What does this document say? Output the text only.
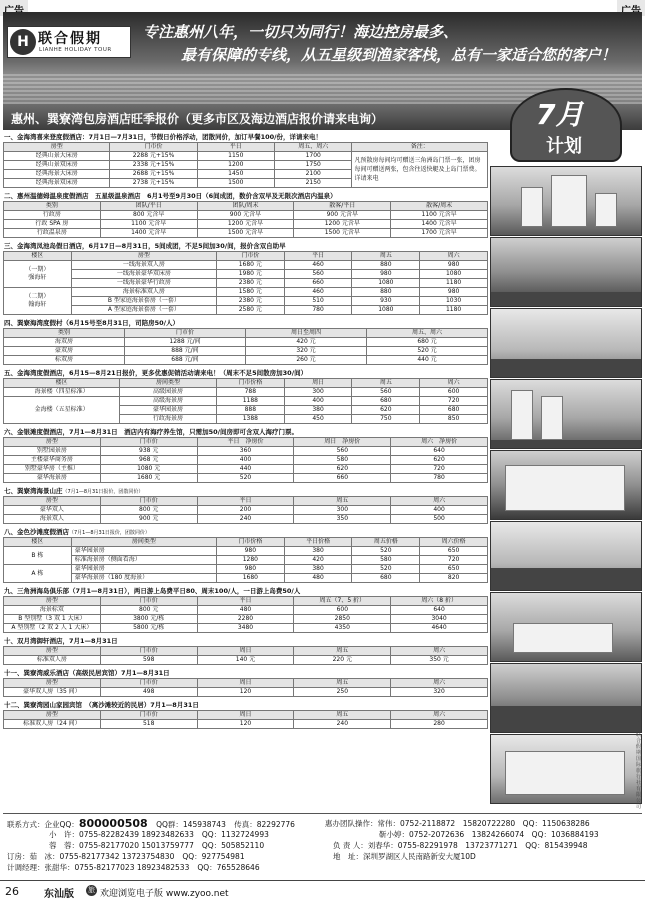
H 联合假期
LIANHE HOLIDAY TOUR
专注惠州八年，一切只为同行！海边控房最多、
最有保障的专线，从五星级到渔家客栈，总有一家适合您的客户！
惠州、巽寮湾包房酒店旺季报价（更多市区及海边酒店报价请来电询）	7月
计划
一、金海湾喜来登度假酒店：7月1日—7月31日，节假日价格浮动，团散同价，加订早餐100/份，详请来电！
房型	门市价	平日	周五、周六	备注：
经典山景大床房	2288 元+15%	1150	1700	凡预散房每间均可赠送三角洲岛门票一张，团房每间可赠送两张，包含往返快艇及上岛门票费。详请来电
经典山景双床房	2338 元+15%	1200	1750	
经典海景大床房	2688 元+15%	1450	2100	
经典海景双床房	2738 元+15%	1500	2150	
二、惠州温德姆温泉度假酒店　五星级温泉酒店　6月1号至9月30日（6间成团，数价含双早及无限次酒店内温泉）
类别	团队/平日	团队/周末	散客/平日	散客/周末
行政房	800 元含早	900 元含早	900 元含早	1100 元含早
行政 SPA 房	1100 元含早	1200 元含早	1200 元含早	1400 元含早
行政温泉房	1400 元含早	1500 元含早	1500 元含早	1700 元含早
三、金海湾凤池岛假日酒店，6月17日—8月31日，5间成团，不足5间加30/间，报价含双自助早
楼区	房型	门市价	平日	周五	周六
（一期）
强海轩	一线海景双人房	1680 元	460	880	980
	一线海景豪华双床房	1980 元	560	980	1080
	一线海景豪华行政房	2380 元	660	1080	1180
（二期）
翰海轩	海景标准双人房	1580 元	460	880	980
	B 型家庭海景套房（一套）	2380 元	510	930	1030
	A 型家庭海景套房（一套）	2580 元	780	1080	1180
四、巽寮海湾度假村（6月15号至8月31日，司陪房50/人）
类别	门市价	周日至周四	周五、周六
海双房	1288 元/间	420 元	680 元
豪双房	888 元/间	320 元	520 元
标双房	688 元/间	260 元	440 元
五、金海湾度假酒店，6月15—8月21日报价，更多优惠促销活动请来电！（周末不足5间散房加30/间）
楼区	房间类型	门市价格	周日	周五	周六
海景楼（四星标准）	高级园景房	788	300	560	600
金海楼（五星标准）	高级海景房	1188	400	680	720
	豪华园景房	888	380	620	680
	行政海景房	1388	450	750	850
六、金银滩度假酒店，7月1—8月31日　酒店内有海疗养生馆，只需加50/间房即可含双人海疗门票。
房型	门市价	平日　净房价	周日　净房价	周六　净房价
别墅园景房	938 元	360	560	640
主楼豪华商务房	968 元	400	580	620
别墅豪华房（主推）	1080 元	440	620	720
豪华海景房	1680 元	520	660	780
七、巽寮湾海景山庄（7月1—8月31日报价，团散同价）
房型	门市价	平日	周五	周六
豪华双人	800 元	200	300	400
海景双人	900 元	240	350	500
八、金色沙滩度假酒店（7月1—8月31日报价，团散同价）
楼区	房间类型	门市价格	平日价格	周五价格	周六价格
B 栋	豪华园景房	980	380	520	650
	标准海景房（侧面看海）	1280	420	580	720
A 栋	豪华园景房	980	380	520	650
	豪华海景房（180 度海景）	1680	480	680	820
九、三角洲海岛俱乐部（7月1—8月31日），两日游上岛费平日80、周末100/人，一日游上岛费50/人
房型	门市价	平日	周五（7、5 折）	周六（8 折）
海景标双	800 元	480	600	640
B 型别墅（3 双 1 大床）	3800 元/栋	2280	2850	3040
A 型别墅（2 双 2 人 1 大床）	5800 元/栋	3480	4350	4640
十、双月湾御轩酒店，7月1—8月31日
房型	门市价	周日	周五	周六
标准双人房	598	140 元	220 元	350 元
十一、巽寮湾威乐酒店（高级民居宾馆）7月1—8月31日
房型	门市价	周日	周五	周六
豪华双人房（35 间）	498	120	250	320
十二、巽寮湾园山家园宾馆　（离沙滩较近的民居）7月1—8月31日
房型	门市价	周日	周五	周六
标准双人房（24 间）	518	120	240	280	前门联合假期国际旅行社有限公司
联系方式：企业QQ：800000508 QQ群：145938743 传真：82292776
小　许：0755-82282439 18923482633 QQ：1132724993
蓉　蓉：0755-82177020 15013759777 QQ：505852110
订房：茹　冰：0755-82177342 13723754830 QQ：927754981
计调经理：张甜华：0755-82177023 18923482533 QQ：765528646
惠办团队操作：常伟：0752-2118872　15820722280　QQ：1150638286
靳小婷：0752-2072636　13824266074　QQ：1036884193
负 责 人：刘春华：0755-82291978　13723771271　QQ：815439948
地　址：深圳罗湖区人民南路新安大厦10D
26	东汕版 旅 欢迎浏览电子版 www.zyoo.net
